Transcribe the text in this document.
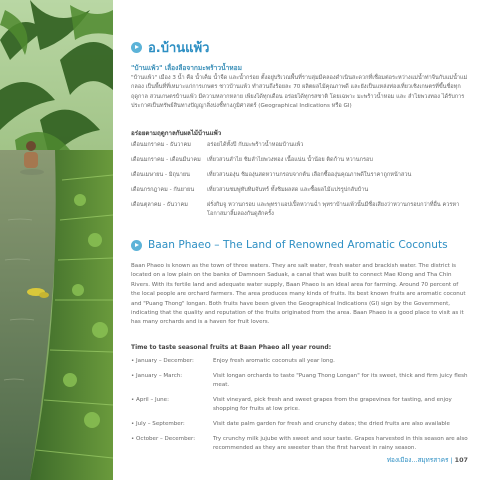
อ.บ้านแพ้ว
"บ้านแพ้ว" เลื่องลือจากมะพร้าวน้ำหอม
"บ้านแพ้ว" เมือง 3 น้ำ คือ น้ำเค็ม น้ำจืด และน้ำกร่อย ตั้งอยู่บริเวณพื้นที่ราบลุ่มมีคลองดำเนินสะดวกที่เชื่อมต่อระหว่างแม่น้ำท่าจีนกับแม่น้ำแม่กลอง เป็นพื้นที่ที่เหมาะแก่การเกษตร ชาวบ้านแพ้ว ทำสวนถึงร้อยละ 70 ผลิตผลไม้คุณภาพดี และยังเป็นแหล่งท่องเที่ยวเชิงเกษตรที่ขึ้นชื่อทุกฤดูกาล สวนเกษตรบ้านแพ้ว มีความหลากหลาย เพียงได้ทุกเดือน อร่อยได้ทุกรสชาติ โดยเฉพาะ มะพร้าวน้ำหอม และ ลำไยพวงทอง ได้รับการประกาศเป็นทรัพย์สินทางปัญญาสิ่งบ่งชี้ทางภูมิศาสตร์ (Geographical Indications หรือ GI)
อร่อยตามฤดูกาลกับผลไม้บ้านแพ้ว
เดือนมกราคม - ธันวาคม	อร่อยได้ทั้งปี กับมะพร้าวน้ำหอมบ้านแพ้ว
เดือนมกราคม - เดือนมีนาคม	เที่ยวสวนลำไย ชิมลำไยพวงทอง เนื้อแน่น น้ำน้อย ติดก้าน หวานกรอบ
เดือนเมษายน - มิถุนายน	เที่ยวสวนองุ่น ชิมองุ่นสดหวานกรอบจากต้น เลือกซื้อองุ่นคุณภาพดีในราคาถูกหน้าสวน
เดือนกรกฎาคม - กันยายน	เที่ยวสวนชมพู่ทับทิมจันทร์ ทั้งชิมผลสด และซื้อผลไม้แปรรูปกลับบ้าน
เดือนตุลาคม - ธันวาคม	ฝรั่งกิมจู หวานกรอบ และพุทราแอปเปิ้ลหวานฉ่ำ พุทราบ้านแพ้วนั้นมีชื่อเสียงว่าหวานกรอบกว่าที่อื่น ควรหาโอกาสมาลิ้มลองกันดูสักครั้ง
Baan Phaeo – The Land of Renowned Aromatic Coconuts
Baan Phaeo is known as the town of three waters. They are salt water, fresh water and brackish water. The district is located on a low plain on the banks of Damnoen Saduak, a canal that was built to connect Mae Klong and Tha Chin Rivers. With its fertile land and adequate water supply, Baan Phaeo is an ideal area for farming. Around 70 percent of the local people are orchard farmers. The area produces many kinds of fruits. Its best known fruits are aromatic coconut and "Puang Thong" longan. Both fruits have been given the Geographical Indications (GI) sign by the Government, indicating that the quality and reputation of the fruits originated from the area. Baan Phaeo is a good place to visit as it has many orchards and is a haven for fruit lovers.
Time to taste seasonal fruits at Baan Phaeo all year round:
• January – December:	Enjoy fresh aromatic coconuts all year long.
• January – March:	Visit longan orchards to taste "Puang Thong Longan" for its sweet, thick and firm juicy flesh meat.
• April – June:	Visit vineyard, pick fresh and sweet grapes from the grapevines for tasting, and enjoy shopping for fruits at low price.
• July – September:	Visit date palm garden for fresh and crunchy dates; the dried fruits are also available
• October – December:	Try crunchy milk jujube with sweet and sour taste. Grapes harvested in this season are also recommended as they are sweeter than the first harvest in rainy season.
ท่องเมือง...สมุทรสาคร | 107
